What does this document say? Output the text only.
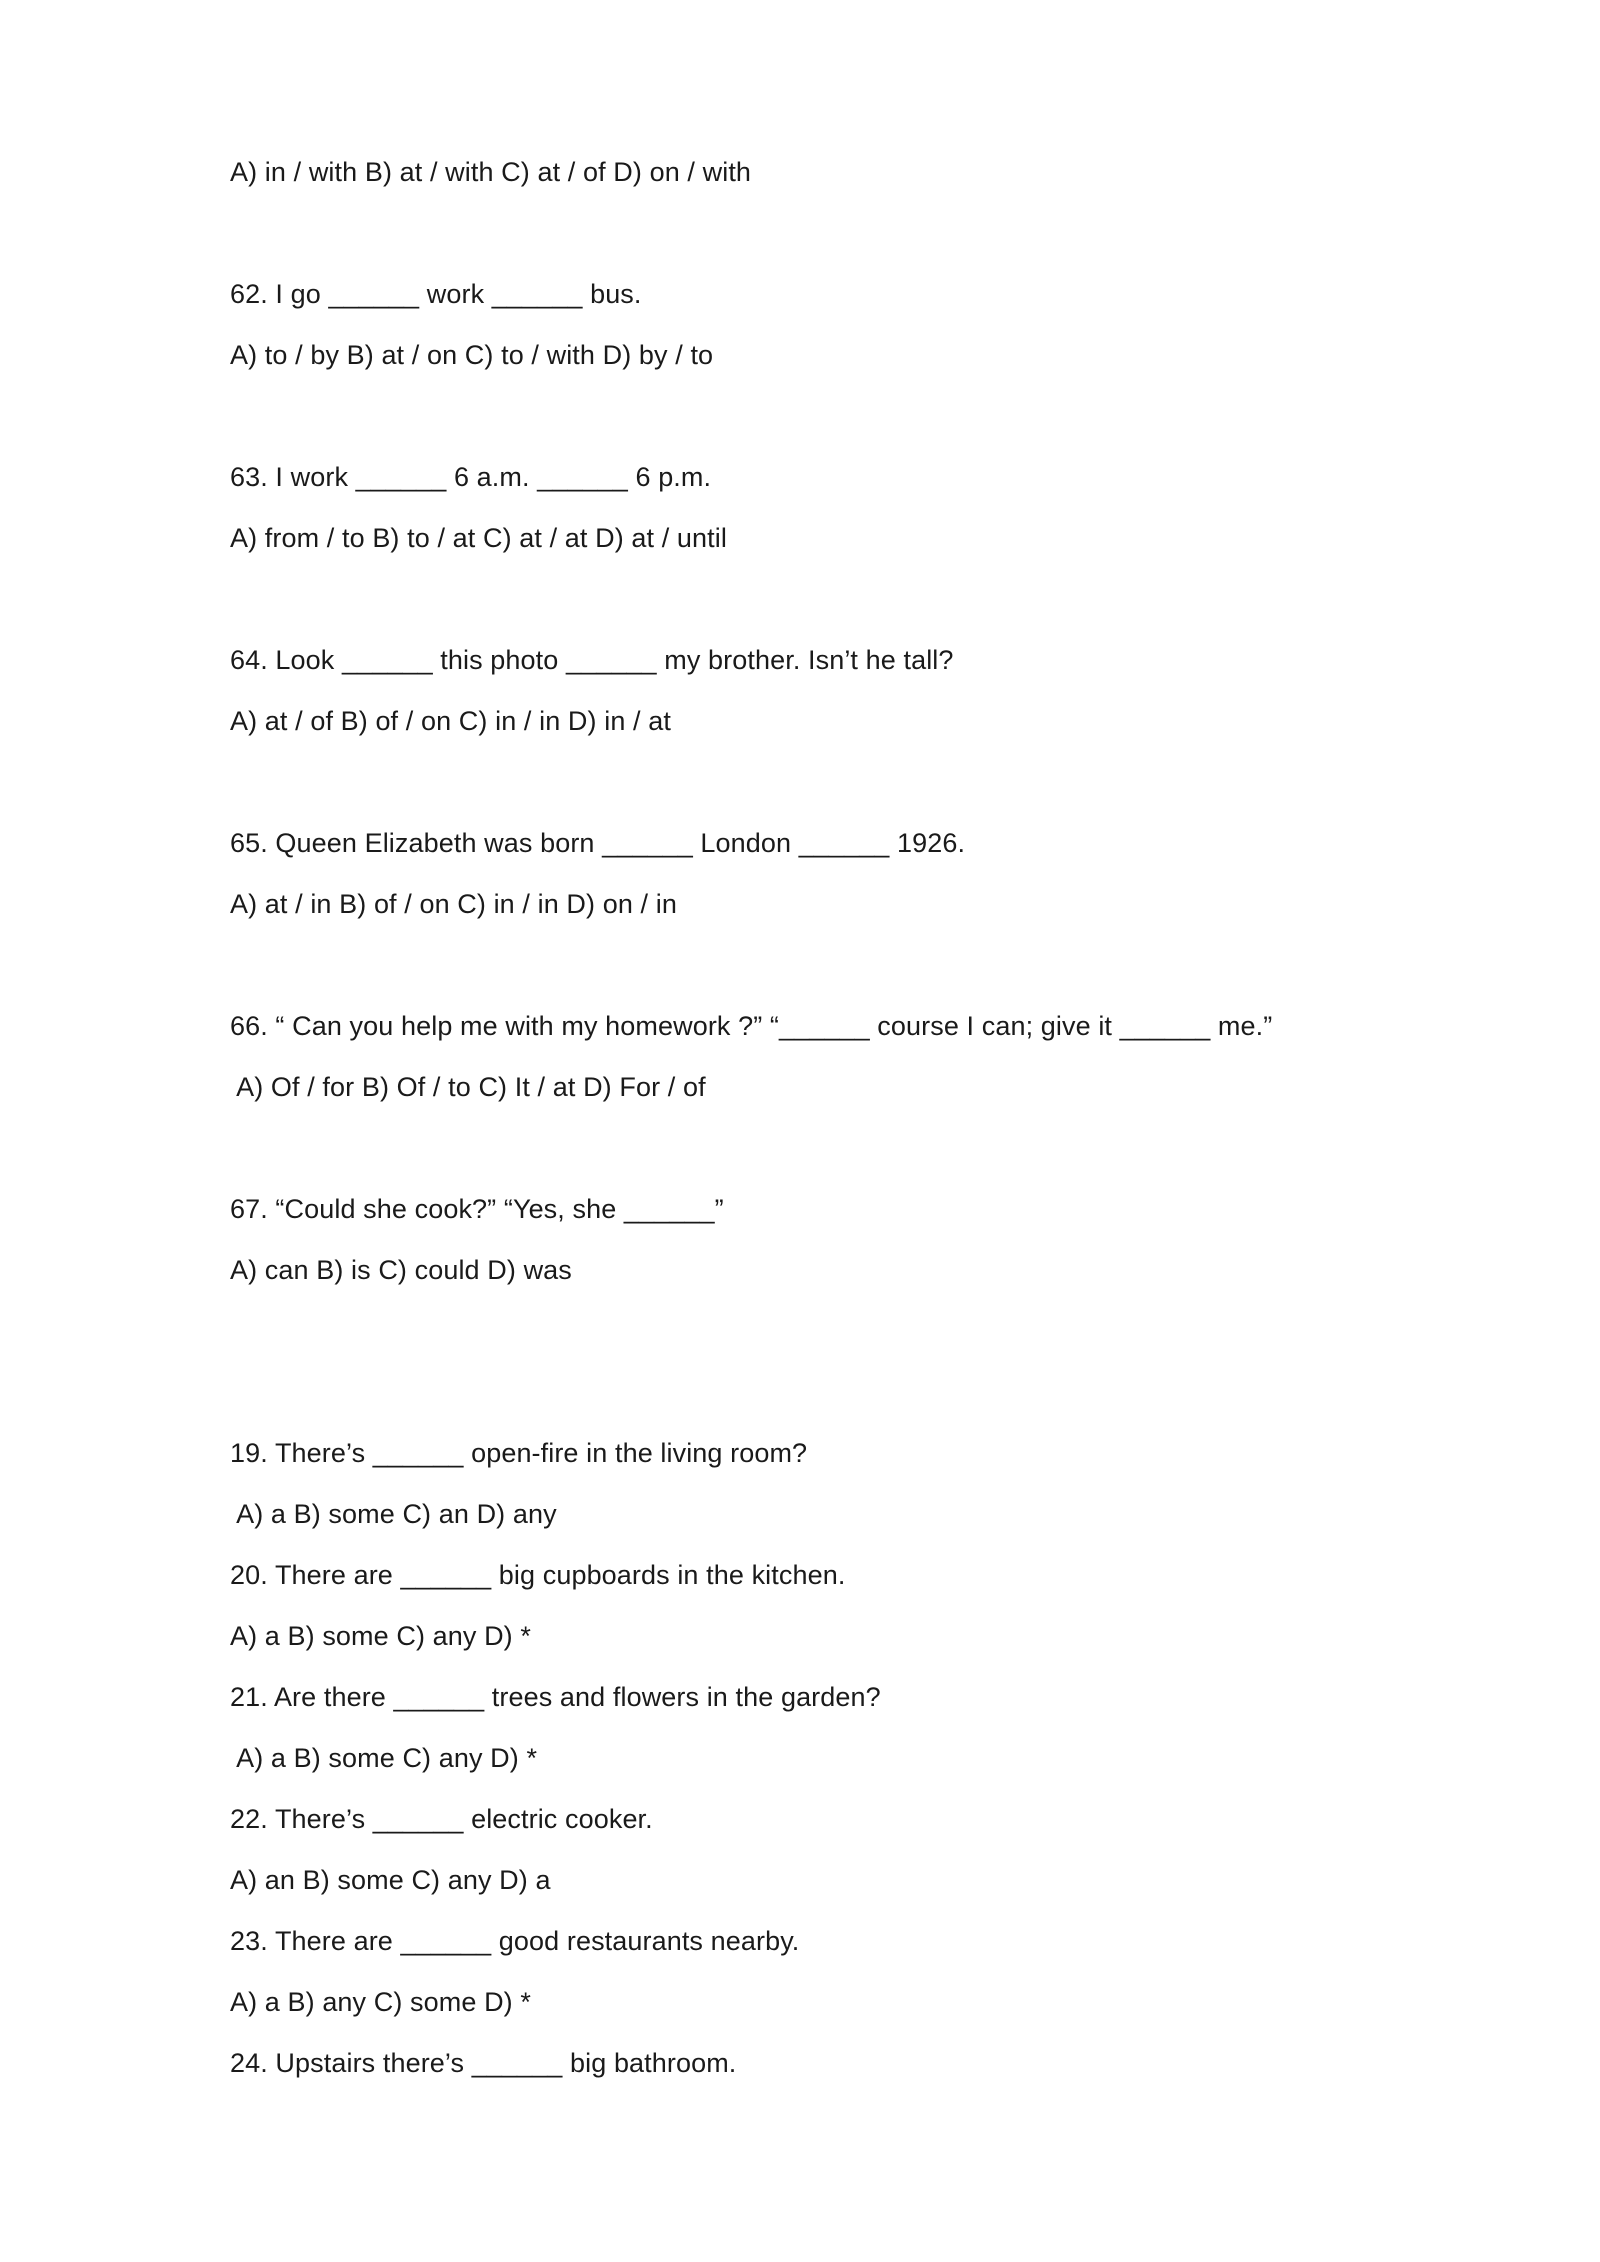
A) in / with B) at / with C) at / of D) on / with
62. I go ______ work ______ bus.
A) to / by B) at / on C) to / with D) by / to
63. I work ______ 6 a.m. ______ 6 p.m.
A) from / to B) to / at C) at / at D) at / until
64. Look ______ this photo ______ my brother. Isn’t he tall?
A) at / of B) of / on C) in / in D) in / at
65. Queen Elizabeth was born ______ London ______ 1926.
A) at / in B) of / on C) in / in D) on / in
66. “ Can you help me with my homework ?” “______ course I can; give it ______ me.”
A) Of / for B) Of / to C) It / at D) For / of
67. “Could she cook?” “Yes, she ______”
A) can B) is C) could D) was
19. There’s ______ open-fire in the living room?
A) a B) some C) an D) any
20. There are ______ big cupboards in the kitchen.
A) a B) some C) any D) *
21. Are there ______ trees and flowers in the garden?
A) a B) some C) any D) *
22. There’s ______ electric cooker.
A) an B) some C) any D) a
23. There are ______ good restaurants nearby.
A) a B) any C) some D) *
24. Upstairs there’s ______ big bathroom.
